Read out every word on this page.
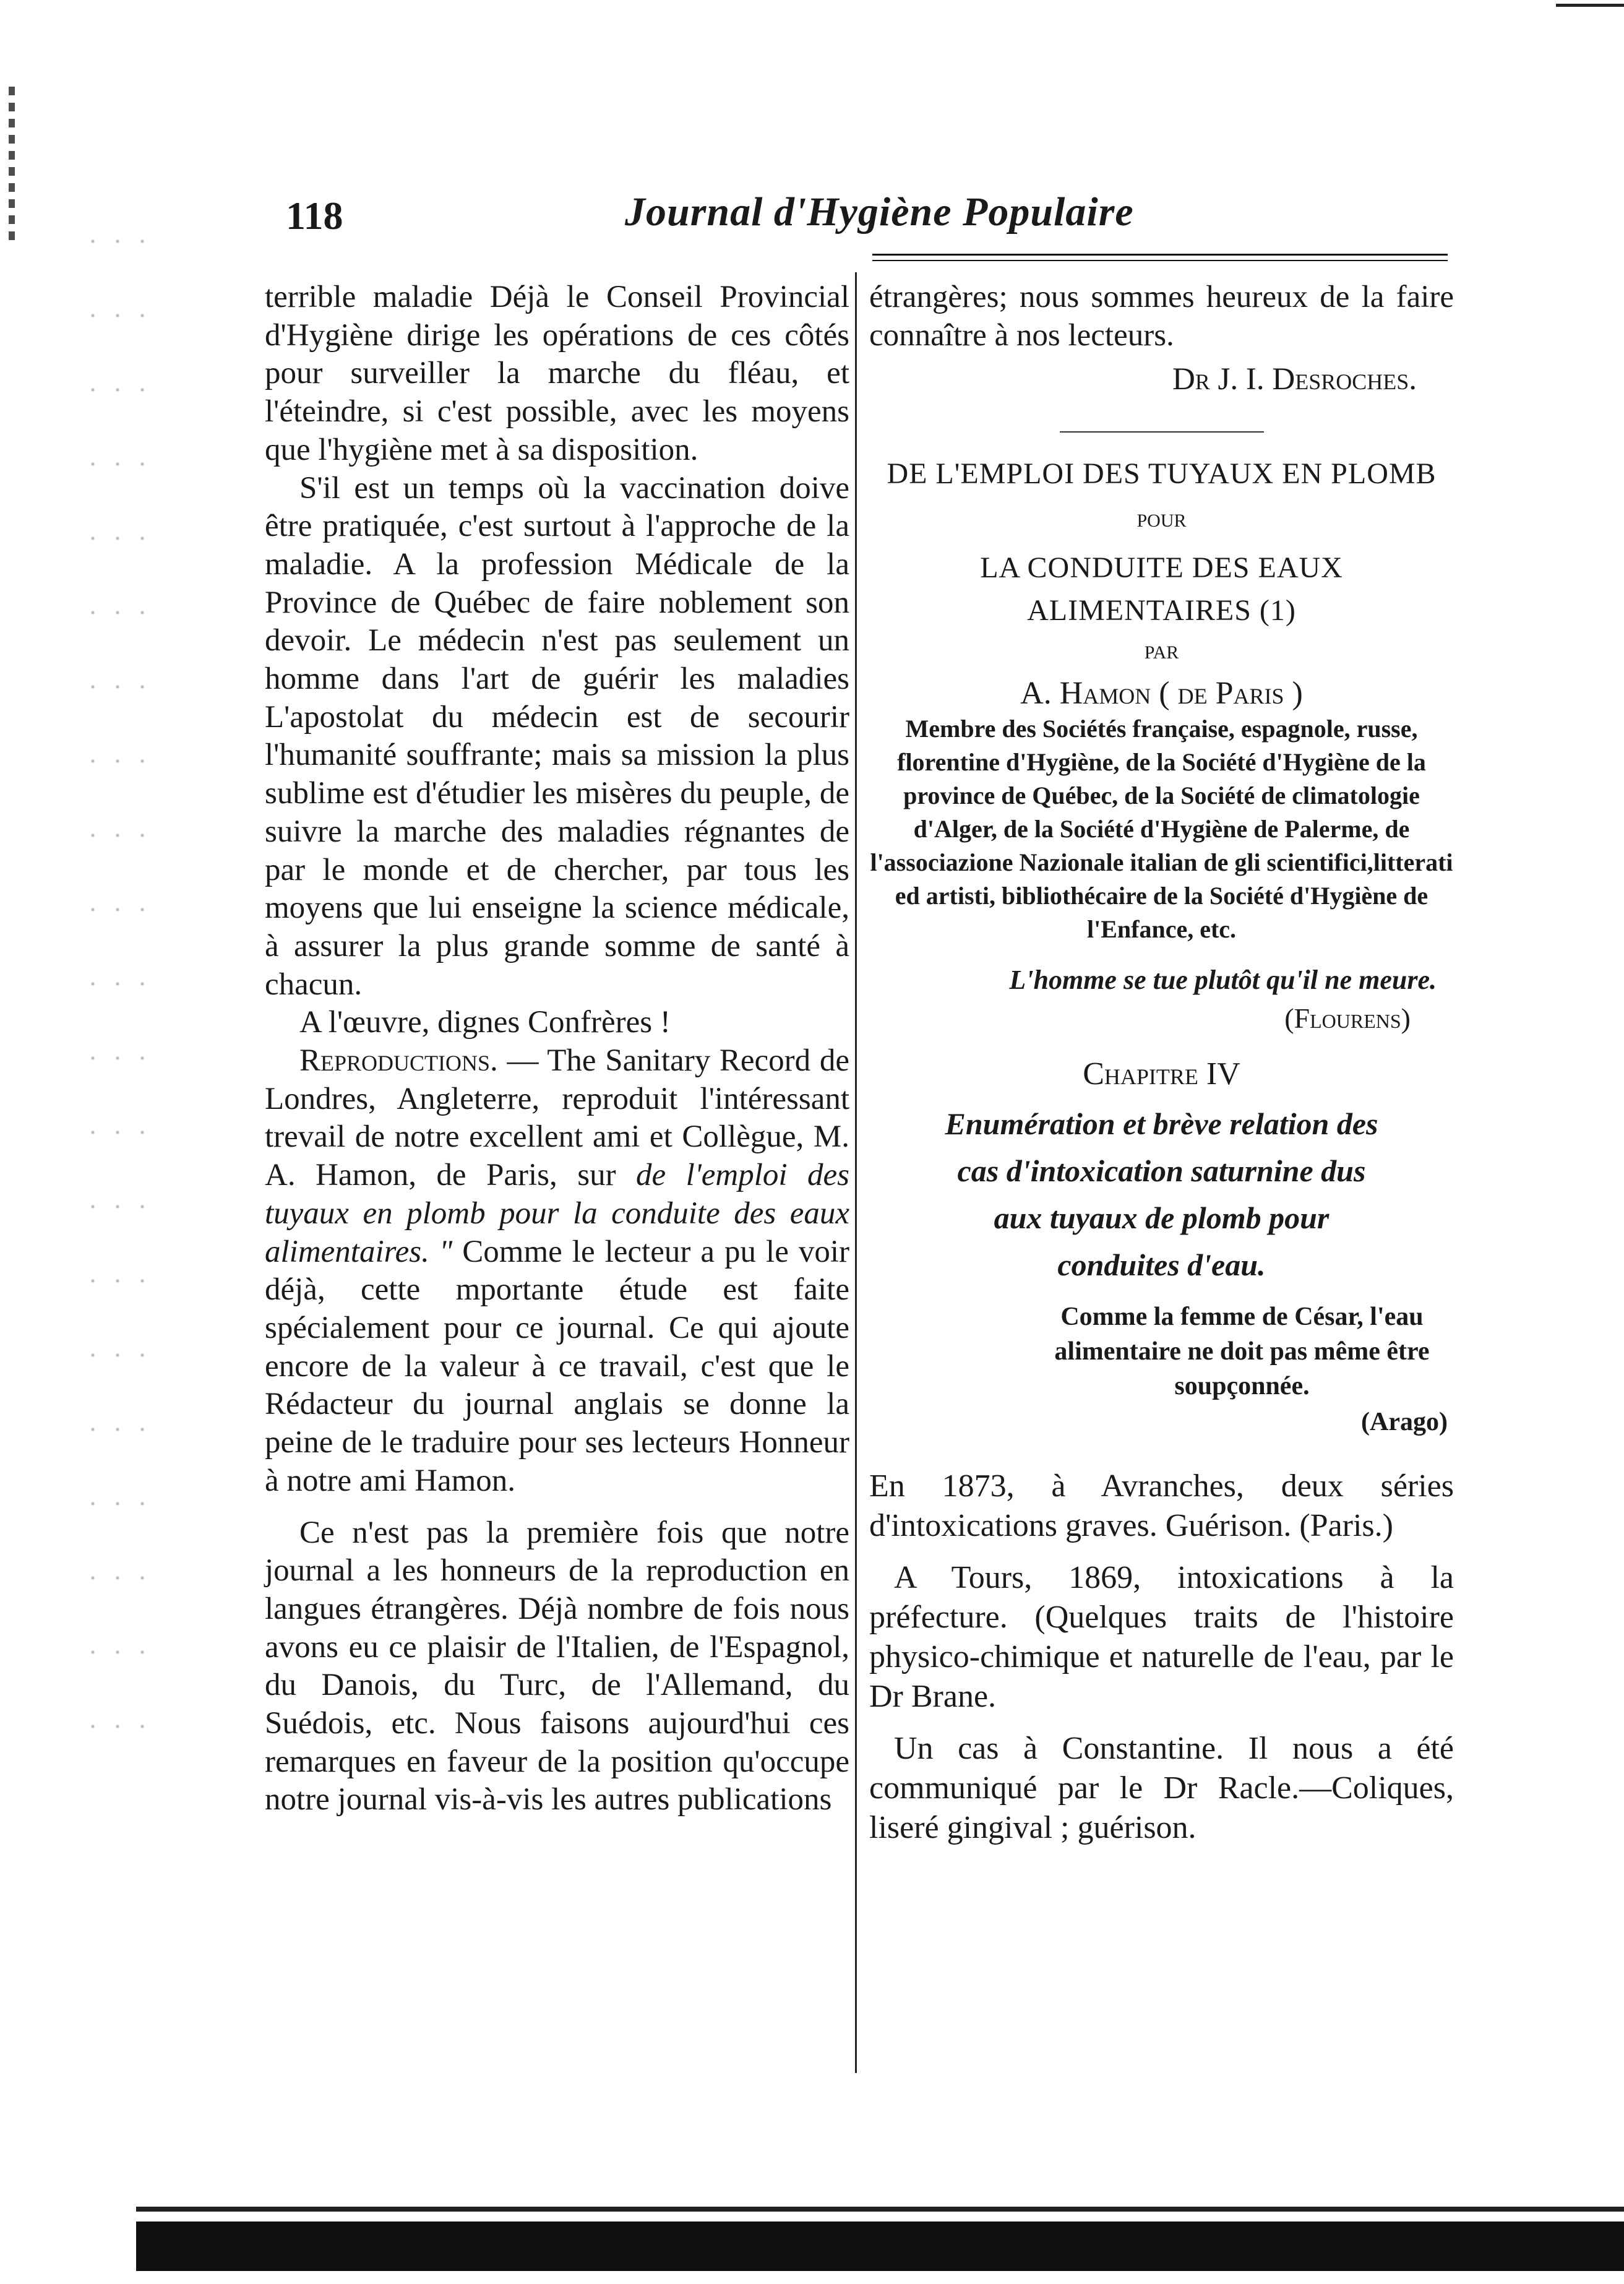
118	Journal d'Hygiène Populaire

terrible maladie Déjà le Conseil Provincial d'Hygiène dirige les opérations de ces côtés pour surveiller la marche du fléau, et l'éteindre, si c'est possible, avec les moyens que l'hygiène met à sa disposition.

S'il est un temps où la vaccination doive être pratiquée, c'est surtout à l'approche de la maladie. A la profession Médicale de la Province de Québec de faire noblement son devoir. Le médecin n'est pas seulement un homme dans l'art de guérir les maladies L'apostolat du médecin est de secourir l'humanité souffrante; mais sa mission la plus sublime est d'étudier les misères du peuple, de suivre la marche des maladies régnantes de par le monde et de chercher, par tous les moyens que lui enseigne la science médicale, à assurer la plus grande somme de santé à chacun.

A l'œuvre, dignes Confrères !

Reproductions. — The Sanitary Record de Londres, Angleterre, reproduit l'intéressant trevail de notre excellent ami et Collègue, M. A. Hamon, de Paris, sur de l'emploi des tuyaux en plomb pour la conduite des eaux alimentaires. " Comme le lecteur a pu le voir déjà, cette mportante étude est faite spécialement pour ce journal. Ce qui ajoute encore de la valeur à ce travail, c'est que le Rédacteur du journal anglais se donne la peine de le traduire pour ses lecteurs Honneur à notre ami Hamon.

Ce n'est pas la première fois que notre journal a les honneurs de la reproduction en langues étrangères. Déjà nombre de fois nous avons eu ce plaisir de l'Italien, de l'Espagnol, du Danois, du Turc, de l'Allemand, du Suédois, etc. Nous faisons aujourd'hui ces remarques en faveur de la position qu'occupe notre journal vis-à-vis les autres publications

étrangères; nous sommes heureux de la faire connaître à nos lecteurs.

Dr J. I. Desroches.

DE L'EMPLOI DES TUYAUX EN PLOMB

POUR

LA CONDUITE DES EAUX

ALIMENTAIRES (1)

PAR

A. Hamon ( de Paris )

Membre des Sociétés française, espagnole, russe, florentine d'Hygiène, de la Société d'Hygiène de la province de Québec, de la Société de climatologie d'Alger, de la Société d'Hygiène de Palerme, de l'associazione Nazionale italian de gli scientifici,litterati ed artisti, bibliothécaire de la Société d'Hygiène de l'Enfance, etc.

L'homme se tue plutôt qu'il ne meure.

(Flourens)

Chapitre IV

Enumération et brève relation des

cas d'intoxication saturnine dus

aux tuyaux de plomb pour

conduites d'eau.

Comme la femme de César, l'eau alimentaire ne doit pas même être soupçonnée.

(Arago)

En 1873, à Avranches, deux séries d'intoxications graves. Guérison. (Paris.)

A Tours, 1869, intoxications à la préfecture. (Quelques traits de l'histoire physico-chimique et naturelle de l'eau, par le Dr Brane.

Un cas à Constantine. Il nous a été communiqué par le Dr Racle.—Coliques, liseré gingival ; guérison.
